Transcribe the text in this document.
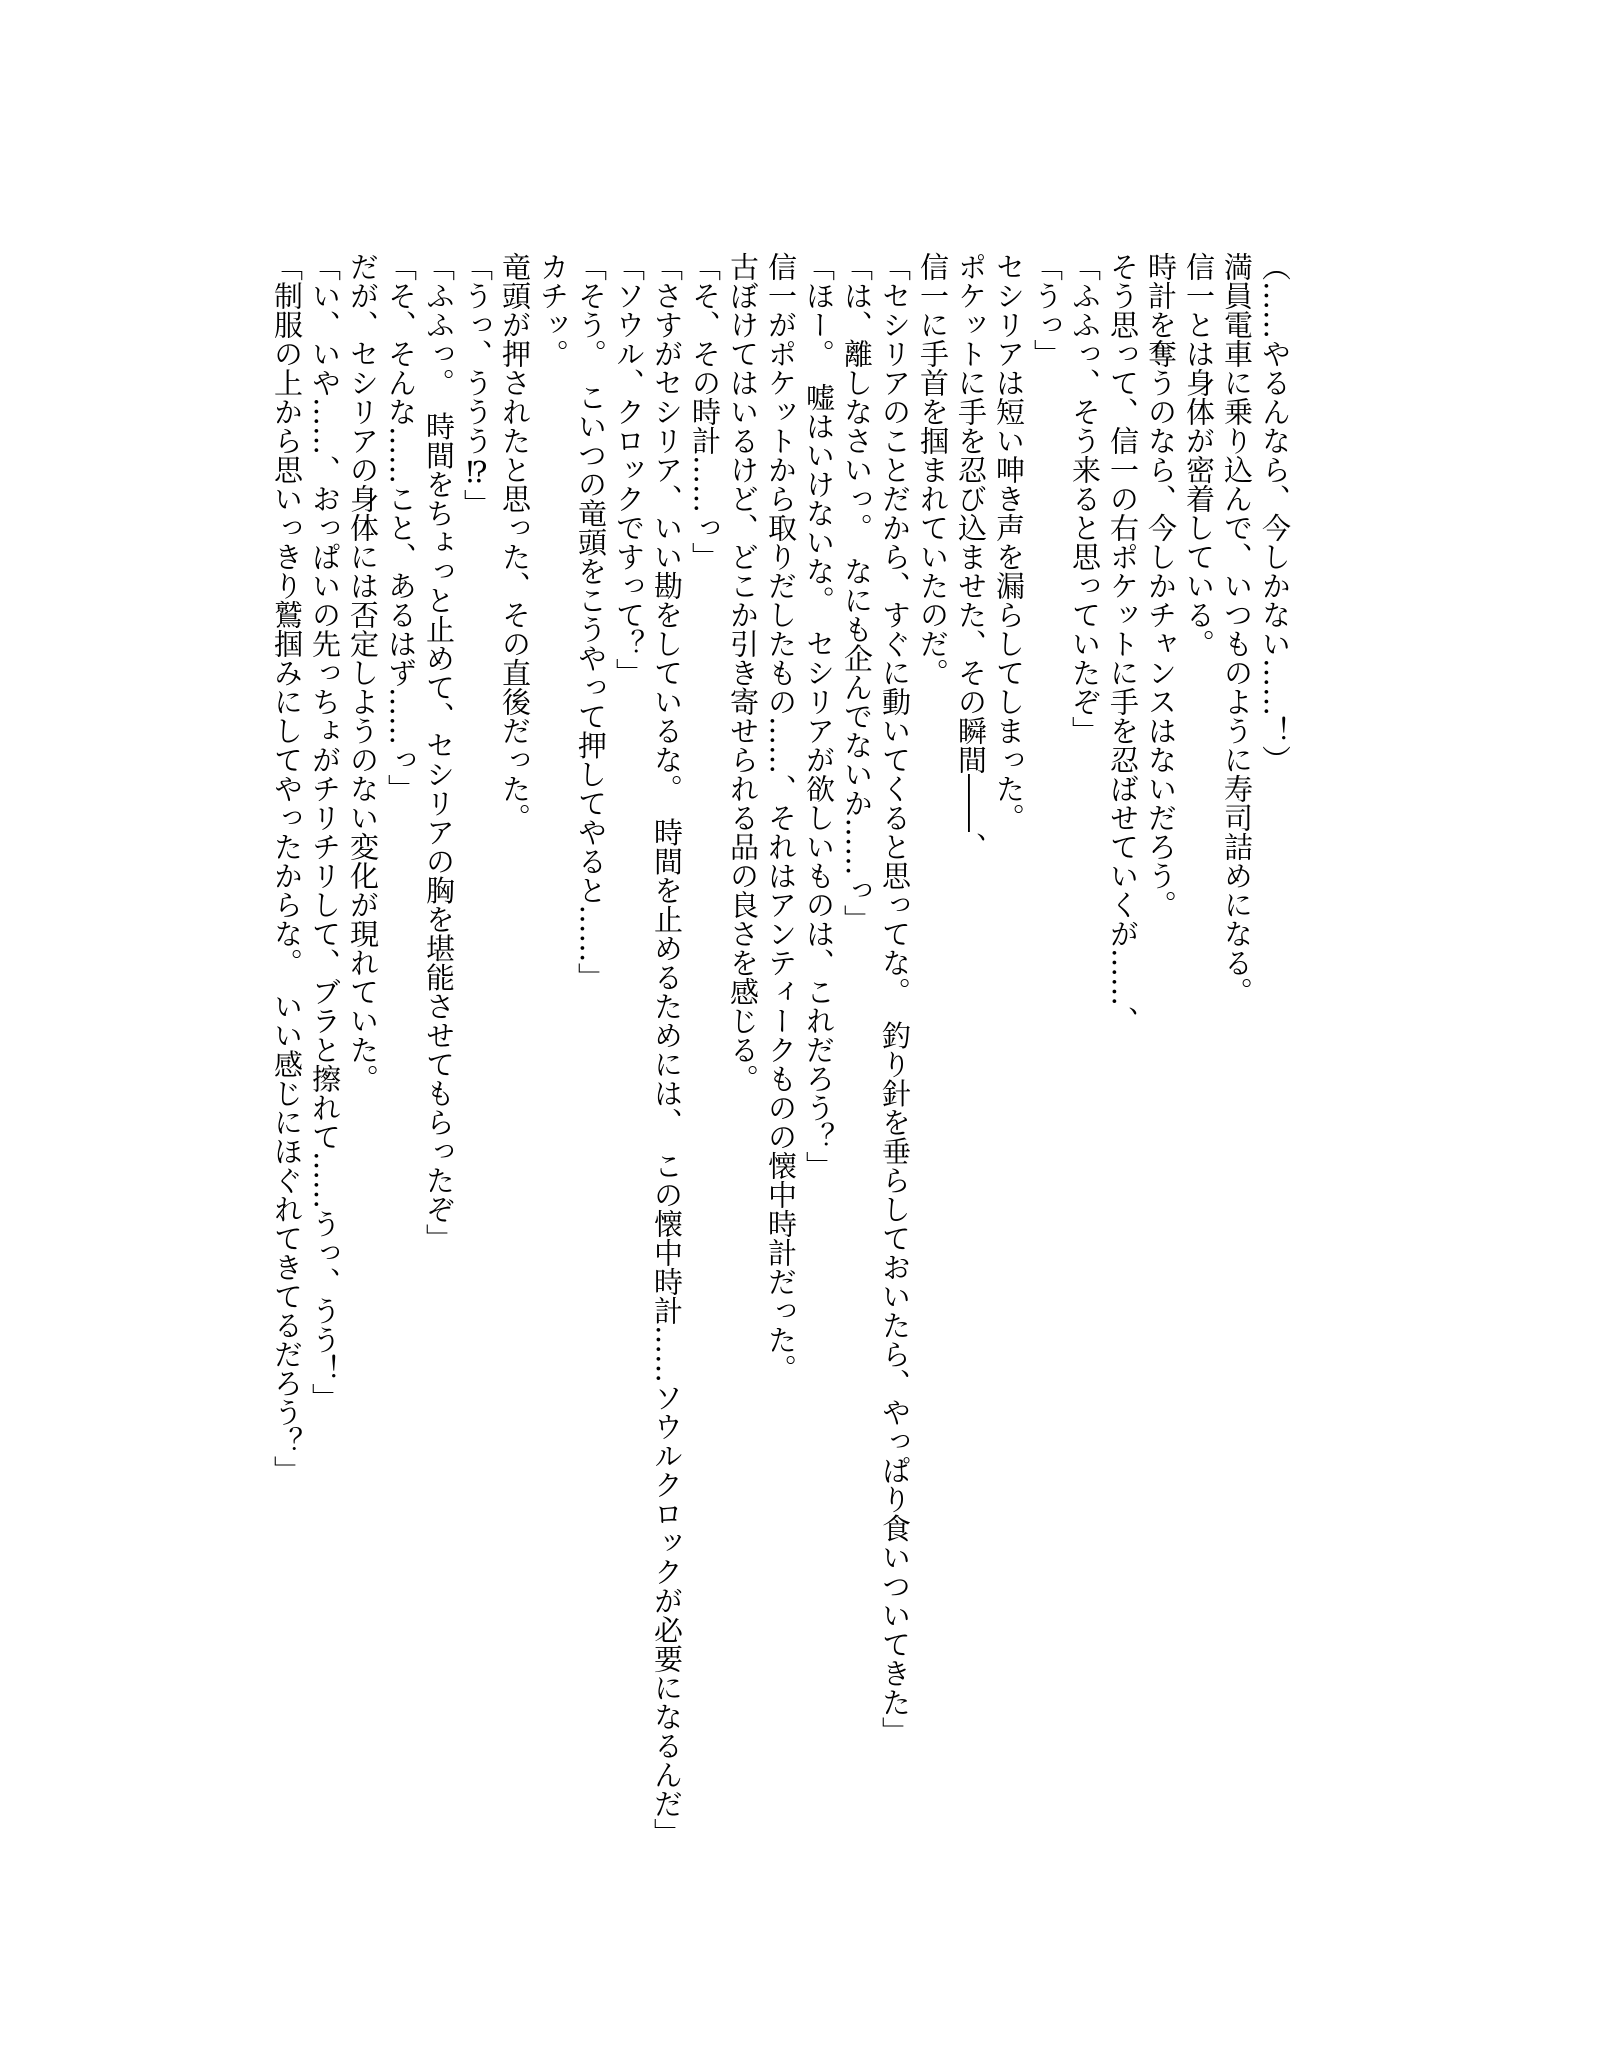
（……やるんなら、今しかない……！）

満員電車に乗り込んで、いつものように寿司詰めになる。

信一とは身体が密着している。

時計を奪うのなら、今しかチャンスはないだろう。

そう思って、信一の右ポケットに手を忍ばせていくが……、

「ふふっ、そう来ると思っていたぞ」

「うっ」

セシリアは短い呻き声を漏らしてしまった。

ポケットに手を忍び込ませた、その瞬間――、

信一に手首を掴まれていたのだ。

「セシリアのことだから、すぐに動いてくると思ってな。　釣り針を垂らしておいたら、やっぱり食いついてきた」

「は、離しなさいっ。　なにも企んでないか……っ」

「ほー。　嘘はいけないな。　セシリアが欲しいものは、これだろう？」

信一がポケットから取りだしたもの……、それはアンティークものの懐中時計だった。

古ぼけてはいるけど、どこか引き寄せられる品の良さを感じる。

「そ、その時計……っ」

「さすがセシリア、いい勘をしているな。　時間を止めるためには、　この懐中時計……ソウルクロックが必要になるんだ」

「ソウル、クロックですって？」

「そう。　こいつの竜頭をこうやって押してやると……」

カチッ。

竜頭が押されたと思った、その直後だった。

「うっ、ううう⁉」

「ふふっ。　時間をちょっと止めて、セシリアの胸を堪能させてもらったぞ」

「そ、そんな……こと、あるはず……っ」

だが、セシリアの身体には否定しようのない変化が現れていた。

「い、いや……、おっぱいの先っちょがチリチリして、ブラと擦れて……うっ、うう！」

「制服の上から思いっきり鷲掴みにしてやったからな。　いい感じにほぐれてきてるだろう？」
